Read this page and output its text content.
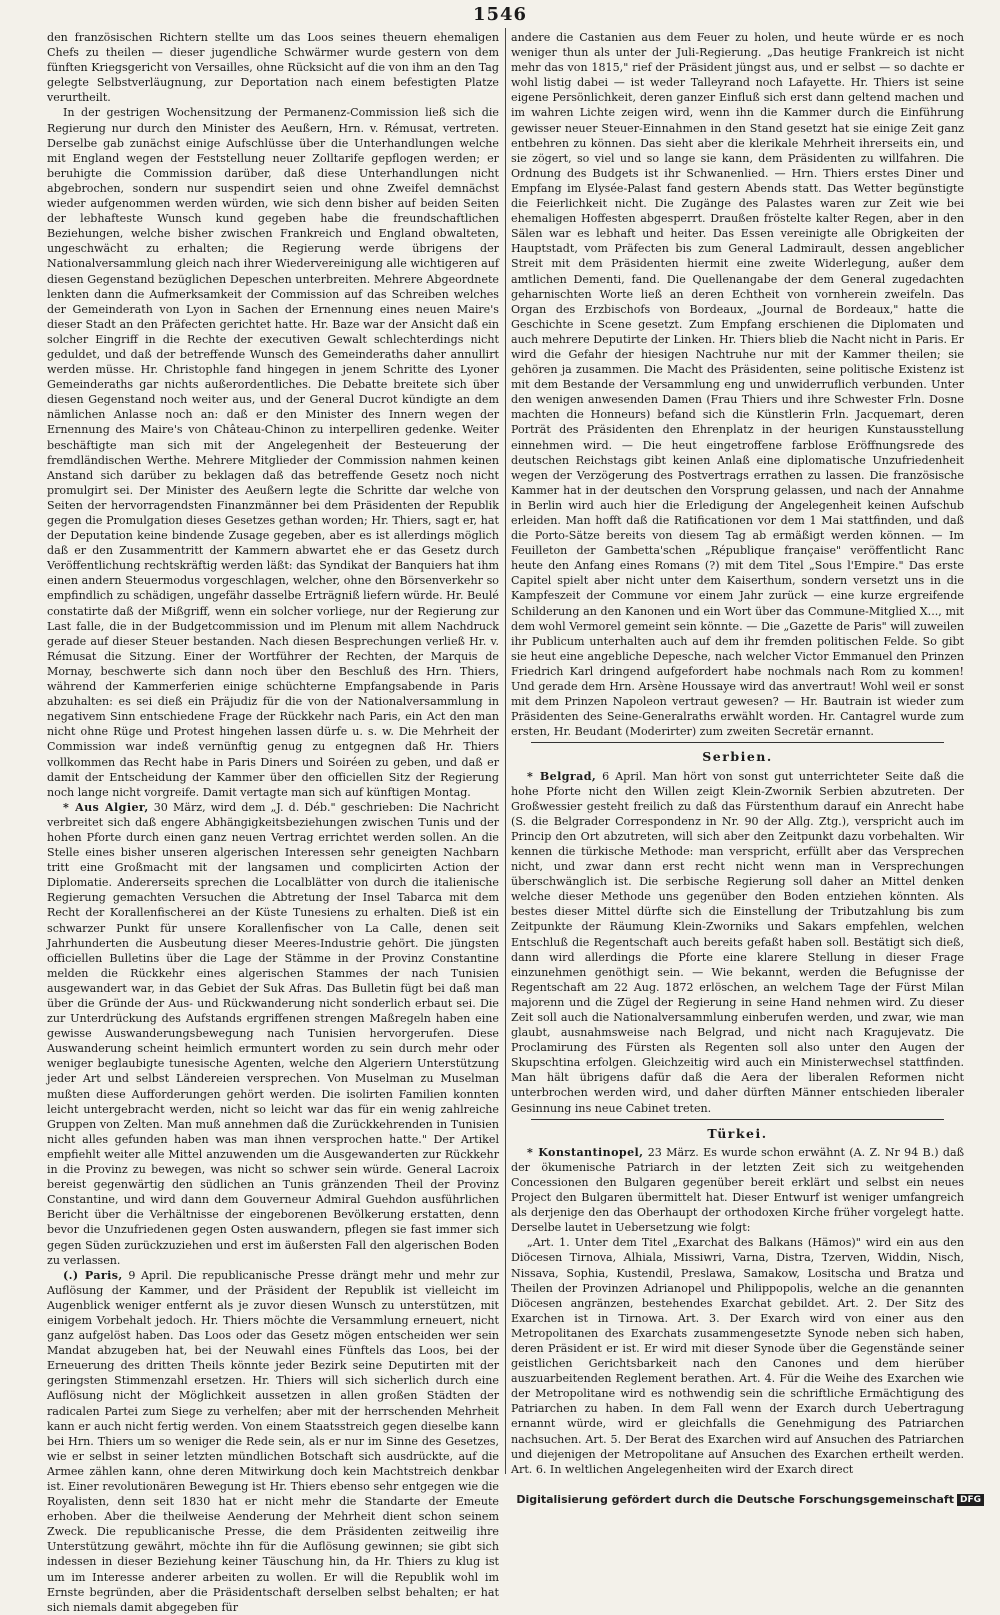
1546

den französischen Richtern stellte um das Loos seines theuern ehemaligen Chefs zu theilen — dieser jugendliche Schwärmer wurde gestern von dem fünften Kriegsgericht von Versailles, ohne Rücksicht auf die von ihm an den Tag gelegte Selbstverläugnung, zur Deportation nach einem befestigten Platze verurtheilt.

In der gestrigen Wochensitzung der Permanenz-Commission ließ sich die Regierung nur durch den Minister des Aeußern, Hrn. v. Rémusat, vertreten. Derselbe gab zunächst einige Aufschlüsse über die Unterhandlungen welche mit England wegen der Feststellung neuer Zolltarife gepflogen werden; er beruhigte die Commission darüber, daß diese Unterhandlungen nicht abgebrochen, sondern nur suspendirt seien und ohne Zweifel demnächst wieder aufgenommen werden würden, wie sich denn bisher auf beiden Seiten der lebhafteste Wunsch kund gegeben habe die freundschaftlichen Beziehungen, welche bisher zwischen Frankreich und England obwalteten, ungeschwächt zu erhalten; die Regierung werde übrigens der Nationalversammlung gleich nach ihrer Wiedervereinigung alle wichtigeren auf diesen Gegenstand bezüglichen Depeschen unterbreiten. Mehrere Abgeordnete lenkten dann die Aufmerksamkeit der Commission auf das Schreiben welches der Gemeinderath von Lyon in Sachen der Ernennung eines neuen Maire's dieser Stadt an den Präfecten gerichtet hatte. Hr. Baze war der Ansicht daß ein solcher Eingriff in die Rechte der executiven Gewalt schlechterdings nicht geduldet, und daß der betreffende Wunsch des Gemeinderaths daher annullirt werden müsse. Hr. Christophle fand hingegen in jenem Schritte des Lyoner Gemeinderaths gar nichts außerordentliches. Die Debatte breitete sich über diesen Gegenstand noch weiter aus, und der General Ducrot kündigte an dem nämlichen Anlasse noch an: daß er den Minister des Innern wegen der Ernennung des Maire's von Château-Chinon zu interpelliren gedenke. Weiter beschäftigte man sich mit der Angelegenheit der Besteuerung der fremdländischen Werthe. Mehrere Mitglieder der Commission nahmen keinen Anstand sich darüber zu beklagen daß das betreffende Gesetz noch nicht promulgirt sei. Der Minister des Aeußern legte die Schritte dar welche von Seiten der hervorragendsten Finanzmänner bei dem Präsidenten der Republik gegen die Promulgation dieses Gesetzes gethan worden; Hr. Thiers, sagt er, hat der Deputation keine bindende Zusage gegeben, aber es ist allerdings möglich daß er den Zusammentritt der Kammern abwartet ehe er das Gesetz durch Veröffentlichung rechtskräftig werden läßt: das Syndikat der Banquiers hat ihm einen andern Steuermodus vorgeschlagen, welcher, ohne den Börsenverkehr so empfindlich zu schädigen, ungefähr dasselbe Erträgniß liefern würde. Hr. Beulé constatirte daß der Mißgriff, wenn ein solcher vorliege, nur der Regierung zur Last falle, die in der Budgetcommission und im Plenum mit allem Nachdruck gerade auf dieser Steuer bestanden. Nach diesen Besprechungen verließ Hr. v. Rémusat die Sitzung. Einer der Wortführer der Rechten, der Marquis de Mornay, beschwerte sich dann noch über den Beschluß des Hrn. Thiers, während der Kammerferien einige schüchterne Empfangsabende in Paris abzuhalten: es sei dieß ein Präjudiz für die von der Nationalversammlung in negativem Sinn entschiedene Frage der Rückkehr nach Paris, ein Act den man nicht ohne Rüge und Protest hingehen lassen dürfe u. s. w. Die Mehrheit der Commission war indeß vernünftig genug zu entgegnen daß Hr. Thiers vollkommen das Recht habe in Paris Diners und Soiréen zu geben, und daß er damit der Entscheidung der Kammer über den officiellen Sitz der Regierung noch lange nicht vorgreife. Damit vertagte man sich auf künftigen Montag.

* Aus Algier, 30 März, wird dem „J. d. Déb." geschrieben: Die Nachricht verbreitet sich daß engere Abhängigkeitsbeziehungen zwischen Tunis und der hohen Pforte durch einen ganz neuen Vertrag errichtet werden sollen. An die Stelle eines bisher unseren algerischen Interessen sehr geneigten Nachbarn tritt eine Großmacht mit der langsamen und complicirten Action der Diplomatie. Andererseits sprechen die Localblätter von durch die italienische Regierung gemachten Versuchen die Abtretung der Insel Tabarca mit dem Recht der Korallenfischerei an der Küste Tunesiens zu erhalten. Dieß ist ein schwarzer Punkt für unsere Korallenfischer von La Calle, denen seit Jahrhunderten die Ausbeutung dieser Meeres-Industrie gehört. Die jüngsten officiellen Bulletins über die Lage der Stämme in der Provinz Constantine melden die Rückkehr eines algerischen Stammes der nach Tunisien ausgewandert war, in das Gebiet der Suk Afras. Das Bulletin fügt bei daß man über die Gründe der Aus- und Rückwanderung nicht sonderlich erbaut sei. Die zur Unterdrückung des Aufstands ergriffenen strengen Maßregeln haben eine gewisse Auswanderungsbewegung nach Tunisien hervorgerufen. Diese Auswanderung scheint heimlich ermuntert worden zu sein durch mehr oder weniger beglaubigte tunesische Agenten, welche den Algeriern Unterstützung jeder Art und selbst Ländereien versprechen. Von Muselman zu Muselman mußten diese Aufforderungen gehört werden. Die isolirten Familien konnten leicht untergebracht werden, nicht so leicht war das für ein wenig zahlreiche Gruppen von Zelten. Man muß annehmen daß die Zurückkehrenden in Tunisien nicht alles gefunden haben was man ihnen versprochen hatte." Der Artikel empfiehlt weiter alle Mittel anzuwenden um die Ausgewanderten zur Rückkehr in die Provinz zu bewegen, was nicht so schwer sein würde. General Lacroix bereist gegenwärtig den südlichen an Tunis gränzenden Theil der Provinz Constantine, und wird dann dem Gouverneur Admiral Guehdon ausführlichen Bericht über die Verhältnisse der eingeborenen Bevölkerung erstatten, denn bevor die Unzufriedenen gegen Osten auswandern, pflegen sie fast immer sich gegen Süden zurückzuziehen und erst im äußersten Fall den algerischen Boden zu verlassen.

(.) Paris, 9 April. Die republicanische Presse drängt mehr und mehr zur Auflösung der Kammer, und der Präsident der Republik ist vielleicht im Augenblick weniger entfernt als je zuvor diesen Wunsch zu unterstützen, mit einigem Vorbehalt jedoch. Hr. Thiers möchte die Versammlung erneuert, nicht ganz aufgelöst haben. Das Loos oder das Gesetz mögen entscheiden wer sein Mandat abzugeben hat, bei der Neuwahl eines Fünftels das Loos, bei der Erneuerung des dritten Theils könnte jeder Bezirk seine Deputirten mit der geringsten Stimmenzahl ersetzen. Hr. Thiers will sich sicherlich durch eine Auflösung nicht der Möglichkeit aussetzen in allen großen Städten der radicalen Partei zum Siege zu verhelfen; aber mit der herrschenden Mehrheit kann er auch nicht fertig werden. Von einem Staatsstreich gegen dieselbe kann bei Hrn. Thiers um so weniger die Rede sein, als er nur im Sinne des Gesetzes, wie er selbst in seiner letzten mündlichen Botschaft sich ausdrückte, auf die Armee zählen kann, ohne deren Mitwirkung doch kein Machtstreich denkbar ist. Einer revolutionären Bewegung ist Hr. Thiers ebenso sehr entgegen wie die Royalisten, denn seit 1830 hat er nicht mehr die Standarte der Emeute erhoben. Aber die theilweise Aenderung der Mehrheit dient schon seinem Zweck. Die republicanische Presse, die dem Präsidenten zeitweilig ihre Unterstützung gewährt, möchte ihn für die Auflösung gewinnen; sie gibt sich indessen in dieser Beziehung keiner Täuschung hin, da Hr. Thiers zu klug ist um im Interesse anderer arbeiten zu wollen. Er will die Republik wohl im Ernste begründen, aber die Präsidentschaft derselben selbst behalten; er hat sich niemals damit abgegeben für

andere die Castanien aus dem Feuer zu holen, und heute würde er es noch weniger thun als unter der Juli-Regierung. „Das heutige Frankreich ist nicht mehr das von 1815," rief der Präsident jüngst aus, und er selbst — so dachte er wohl listig dabei — ist weder Talleyrand noch Lafayette. Hr. Thiers ist seine eigene Persönlichkeit, deren ganzer Einfluß sich erst dann geltend machen und im wahren Lichte zeigen wird, wenn ihn die Kammer durch die Einführung gewisser neuer Steuer-Einnahmen in den Stand gesetzt hat sie einige Zeit ganz entbehren zu können. Das sieht aber die klerikale Mehrheit ihrerseits ein, und sie zögert, so viel und so lange sie kann, dem Präsidenten zu willfahren. Die Ordnung des Budgets ist ihr Schwanenlied. — Hrn. Thiers erstes Diner und Empfang im Elysée-Palast fand gestern Abends statt. Das Wetter begünstigte die Feierlichkeit nicht. Die Zugänge des Palastes waren zur Zeit wie bei ehemaligen Hoffesten abgesperrt. Draußen fröstelte kalter Regen, aber in den Sälen war es lebhaft und heiter. Das Essen vereinigte alle Obrigkeiten der Hauptstadt, vom Präfecten bis zum General Ladmirault, dessen angeblicher Streit mit dem Präsidenten hiermit eine zweite Widerlegung, außer dem amtlichen Dementi, fand. Die Quellenangabe der dem General zugedachten geharnischten Worte ließ an deren Echtheit von vornherein zweifeln. Das Organ des Erzbischofs von Bordeaux, „Journal de Bordeaux," hatte die Geschichte in Scene gesetzt. Zum Empfang erschienen die Diplomaten und auch mehrere Deputirte der Linken. Hr. Thiers blieb die Nacht nicht in Paris. Er wird die Gefahr der hiesigen Nachtruhe nur mit der Kammer theilen; sie gehören ja zusammen. Die Macht des Präsidenten, seine politische Existenz ist mit dem Bestande der Versammlung eng und unwiderruflich verbunden. Unter den wenigen anwesenden Damen (Frau Thiers und ihre Schwester Frln. Dosne machten die Honneurs) befand sich die Künstlerin Frln. Jacquemart, deren Porträt des Präsidenten den Ehrenplatz in der heurigen Kunstausstellung einnehmen wird. — Die heut eingetroffene farblose Eröffnungsrede des deutschen Reichstags gibt keinen Anlaß eine diplomatische Unzufriedenheit wegen der Verzögerung des Postvertrags errathen zu lassen. Die französische Kammer hat in der deutschen den Vorsprung gelassen, und nach der Annahme in Berlin wird auch hier die Erledigung der Angelegenheit keinen Aufschub erleiden. Man hofft daß die Ratificationen vor dem 1 Mai stattfinden, und daß die Porto-Sätze bereits von diesem Tag ab ermäßigt werden können. — Im Feuilleton der Gambetta'schen „République française" veröffentlicht Ranc heute den Anfang eines Romans (?) mit dem Titel „Sous l'Empire." Das erste Capitel spielt aber nicht unter dem Kaiserthum, sondern versetzt uns in die Kampfeszeit der Commune vor einem Jahr zurück — eine kurze ergreifende Schilderung an den Kanonen und ein Wort über das Commune-Mitglied X..., mit dem wohl Vermorel gemeint sein könnte. — Die „Gazette de Paris" will zuweilen ihr Publicum unterhalten auch auf dem ihr fremden politischen Felde. So gibt sie heut eine angebliche Depesche, nach welcher Victor Emmanuel den Prinzen Friedrich Karl dringend aufgefordert habe nochmals nach Rom zu kommen! Und gerade dem Hrn. Arsène Houssaye wird das anvertraut! Wohl weil er sonst mit dem Prinzen Napoleon vertraut gewesen? — Hr. Bautrain ist wieder zum Präsidenten des Seine-Generalraths erwählt worden. Hr. Cantagrel wurde zum ersten, Hr. Beudant (Moderirter) zum zweiten Secretär ernannt.

Serbien.

* Belgrad, 6 April. Man hört von sonst gut unterrichteter Seite daß die hohe Pforte nicht den Willen zeigt Klein-Zwornik Serbien abzutreten. Der Großwessier gesteht freilich zu daß das Fürstenthum darauf ein Anrecht habe (S. die Belgrader Correspondenz in Nr. 90 der Allg. Ztg.), verspricht auch im Princip den Ort abzutreten, will sich aber den Zeitpunkt dazu vorbehalten. Wir kennen die türkische Methode: man verspricht, erfüllt aber das Versprechen nicht, und zwar dann erst recht nicht wenn man in Versprechungen überschwänglich ist. Die serbische Regierung soll daher an Mittel denken welche dieser Methode uns gegenüber den Boden entziehen könnten. Als bestes dieser Mittel dürfte sich die Einstellung der Tributzahlung bis zum Zeitpunkte der Räumung Klein-Zworniks und Sakars empfehlen, welchen Entschluß die Regentschaft auch bereits gefaßt haben soll. Bestätigt sich dieß, dann wird allerdings die Pforte eine klarere Stellung in dieser Frage einzunehmen genöthigt sein. — Wie bekannt, werden die Befugnisse der Regentschaft am 22 Aug. 1872 erlöschen, an welchem Tage der Fürst Milan majorenn und die Zügel der Regierung in seine Hand nehmen wird. Zu dieser Zeit soll auch die Nationalversammlung einberufen werden, und zwar, wie man glaubt, ausnahmsweise nach Belgrad, und nicht nach Kragujevatz. Die Proclamirung des Fürsten als Regenten soll also unter den Augen der Skupschtina erfolgen. Gleichzeitig wird auch ein Ministerwechsel stattfinden. Man hält übrigens dafür daß die Aera der liberalen Reformen nicht unterbrochen werden wird, und daher dürften Männer entschieden liberaler Gesinnung ins neue Cabinet treten.

Türkei.

* Konstantinopel, 23 März. Es wurde schon erwähnt (A. Z. Nr 94 B.) daß der ökumenische Patriarch in der letzten Zeit sich zu weitgehenden Concessionen den Bulgaren gegenüber bereit erklärt und selbst ein neues Project den Bulgaren übermittelt hat. Dieser Entwurf ist weniger umfangreich als derjenige den das Oberhaupt der orthodoxen Kirche früher vorgelegt hatte. Derselbe lautet in Uebersetzung wie folgt:

„Art. 1. Unter dem Titel „Exarchat des Balkans (Hämos)" wird ein aus den Diöcesen Tirnova, Alhiala, Missiwri, Varna, Distra, Tzerven, Widdin, Nisch, Nissava, Sophia, Kustendil, Preslawa, Samakow, Lositscha und Bratza und Theilen der Provinzen Adrianopel und Philippopolis, welche an die genannten Diöcesen angränzen, bestehendes Exarchat gebildet. Art. 2. Der Sitz des Exarchen ist in Tirnowa. Art. 3. Der Exarch wird von einer aus den Metropolitanen des Exarchats zusammengesetzte Synode neben sich haben, deren Präsident er ist. Er wird mit dieser Synode über die Gegenstände seiner geistlichen Gerichtsbarkeit nach den Canones und dem hierüber auszuarbeitenden Reglement berathen. Art. 4. Für die Weihe des Exarchen wie der Metropolitane wird es nothwendig sein die schriftliche Ermächtigung des Patriarchen zu haben. In dem Fall wenn der Exarch durch Uebertragung ernannt würde, wird er gleichfalls die Genehmigung des Patriarchen nachsuchen. Art. 5. Der Berat des Exarchen wird auf Ansuchen des Patriarchen und diejenigen der Metropolitane auf Ansuchen des Exarchen ertheilt werden. Art. 6. In weltlichen Angelegenheiten wird der Exarch direct

Digitalisierung gefördert durch die Deutsche Forschungsgemeinschaft DFG
